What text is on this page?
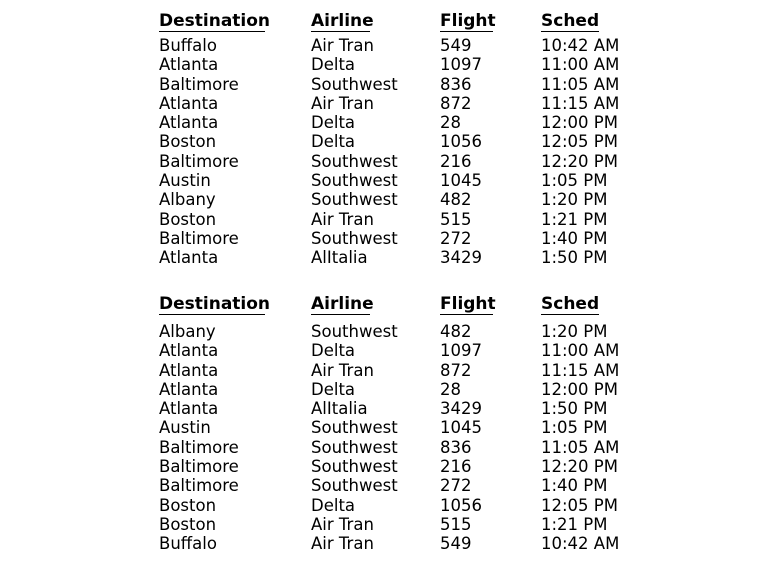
Destination Airline	Flight	Sched
Buffalo	Air Tran	549	10:42 AM
Atlanta	Delta	1097	11:00 AM
Baltimore	Southwest	836	11:05 AM
Atlanta	Air Tran	872	11:15 AM
Atlanta	Delta	28	12:00 PM
Boston	Delta	1056	12:05 PM
Baltimore	Southwest	216	12:20 PM
Austin	Southwest	1045	1:05 PM
Albany	Southwest	482	1:20 PM
Boston	Air Tran	515	1:21 PM
Baltimore	Southwest	272	1:40 PM
Atlanta	AlItalia	3429	1:50 PM
Destination Airline	Flight	Sched
Albany	Southwest	482	1:20 PM
Atlanta	Delta	1097	11:00 AM
Atlanta	Air Tran	872	11:15 AM
Atlanta	Delta	28	12:00 PM
Atlanta	AlItalia	3429	1:50 PM
Austin	Southwest	1045	1:05 PM
Baltimore	Southwest	836	11:05 AM
Baltimore	Southwest	216	12:20 PM
Baltimore	Southwest	272	1:40 PM
Boston	Delta	1056	12:05 PM
Boston	Air Tran	515	1:21 PM
Buffalo	Air Tran	549	10:42 AM
